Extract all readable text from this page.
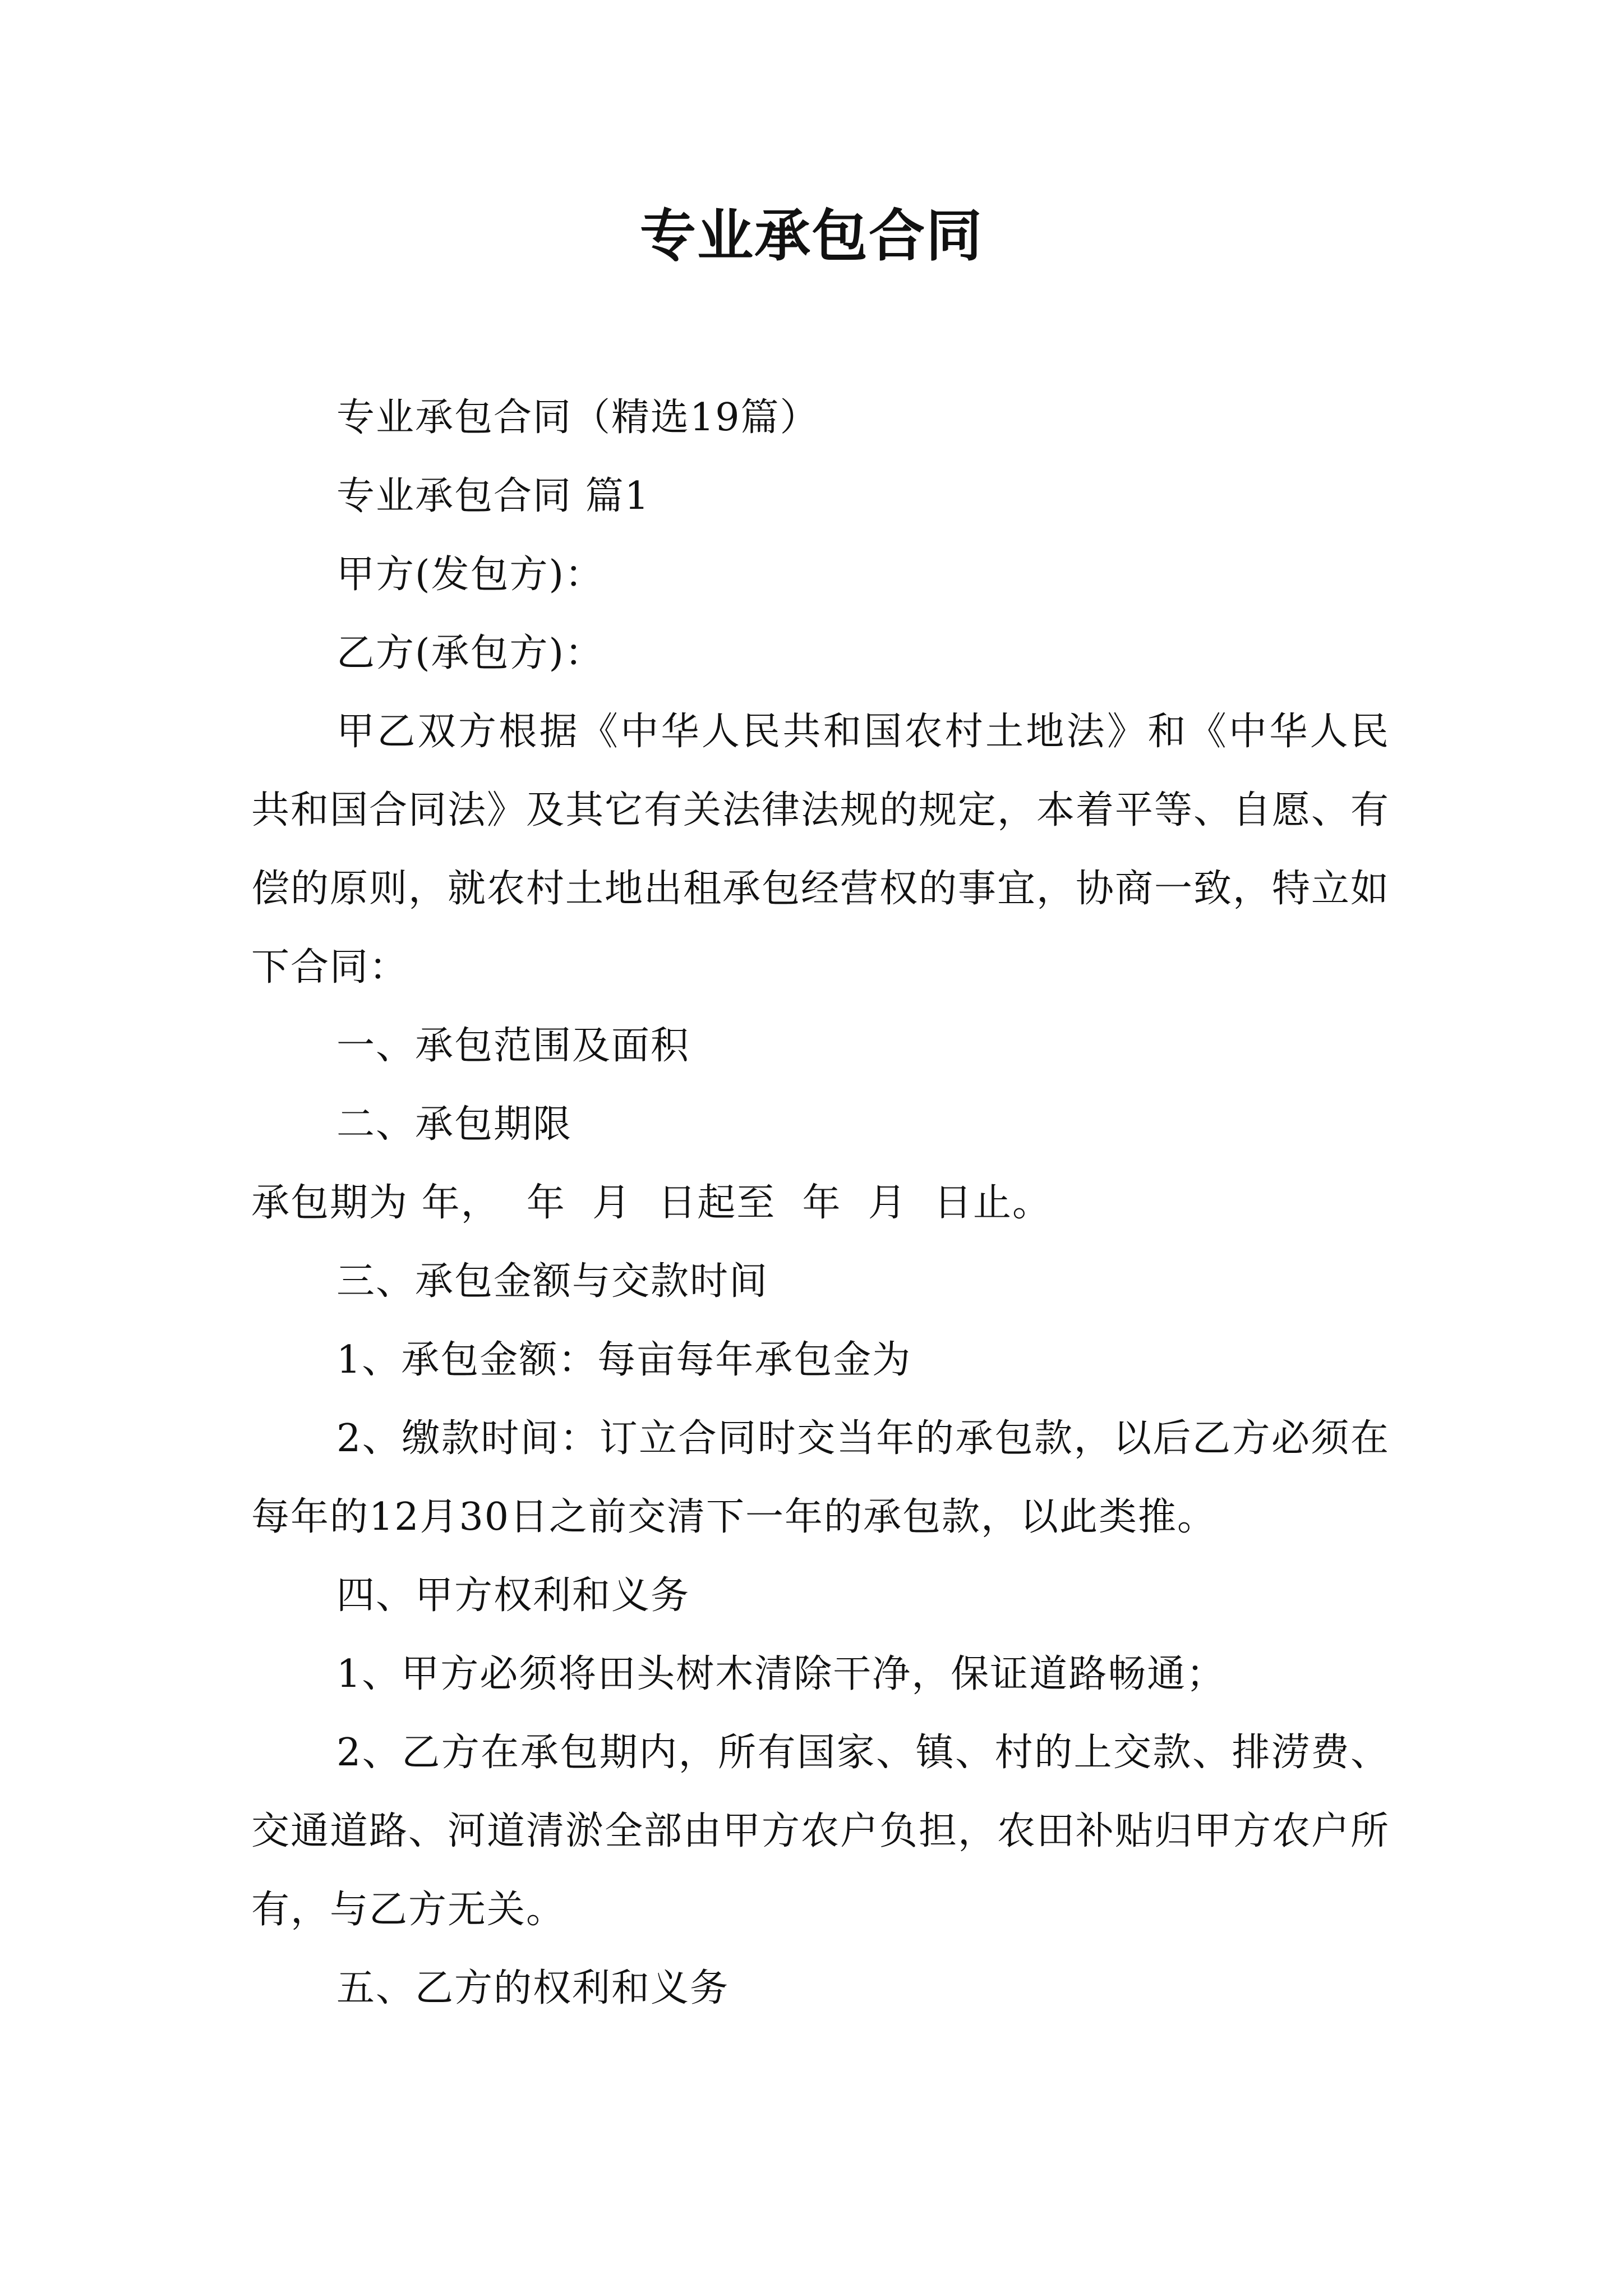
专业承包合同

专业承包合同（精选19篇）

专业承包合同 篇1

甲方(发包方)：

乙方(承包方)：

甲乙双方根据《中华人民共和国农村土地法》和《中华人民共和国合同法》及其它有关法律法规的规定，本着平等、自愿、有偿的原则，就农村土地出租承包经营权的事宜，协商一致，特立如下合同：

一、承包范围及面积

二、承包期限

承包期为 年，  年  月  日起至  年  月  日止。

三、承包金额与交款时间

1、承包金额：每亩每年承包金为

2、缴款时间：订立合同时交当年的承包款，以后乙方必须在每年的12月30日之前交清下一年的承包款，以此类推。

四、甲方权利和义务

1、甲方必须将田头树木清除干净，保证道路畅通；

2、乙方在承包期内，所有国家、镇、村的上交款、排涝费、交通道路、河道清淤全部由甲方农户负担，农田补贴归甲方农户所有，与乙方无关。

五、乙方的权利和义务
